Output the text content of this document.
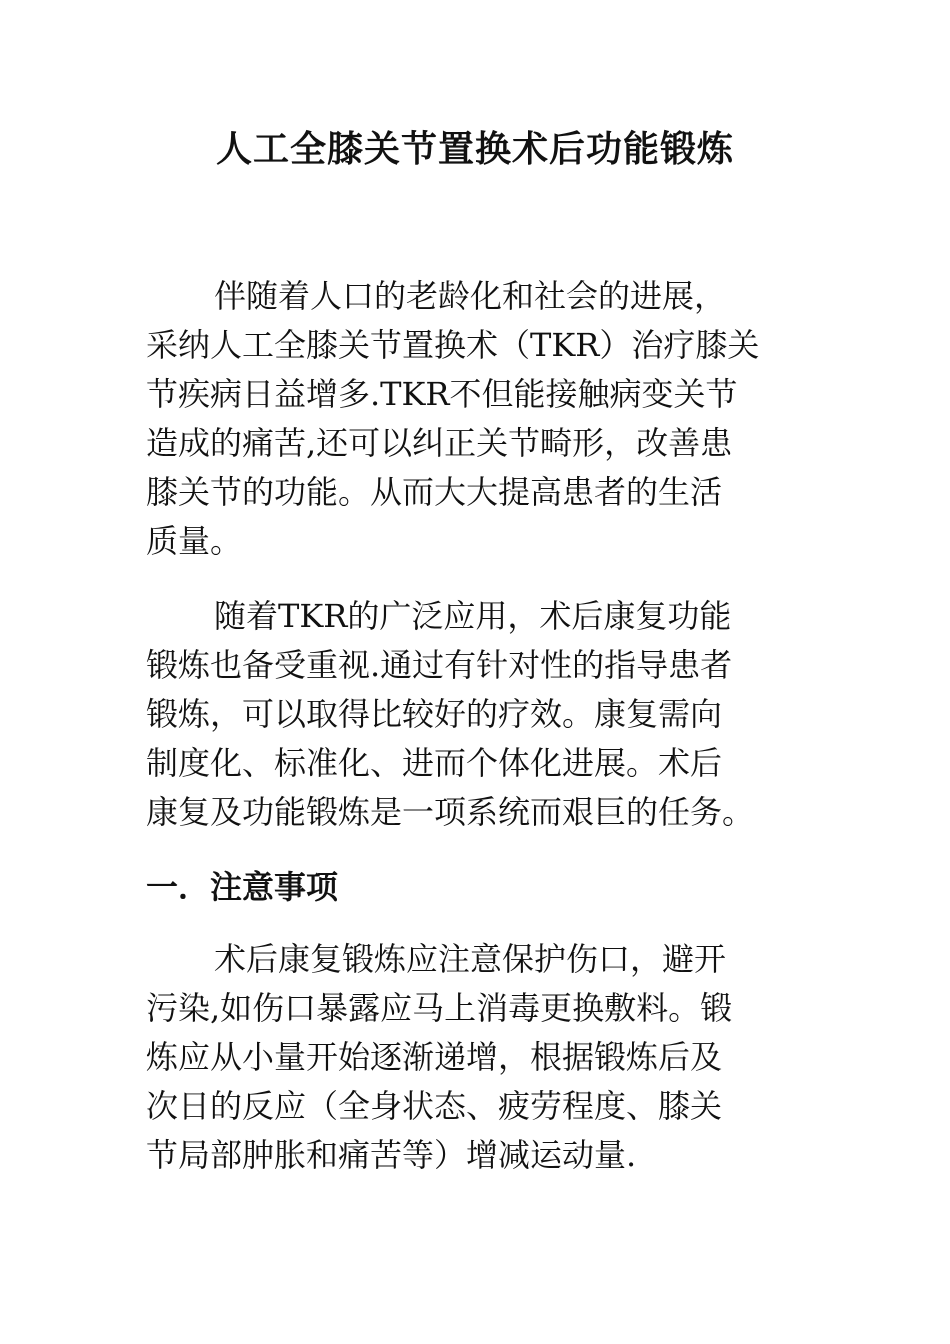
人工全膝关节置换术后功能锻炼

伴随着人口的老龄化和社会的进展，
采纳人工全膝关节置换术（TKR）治疗膝关
节疾病日益增多.TKR不但能接触病变关节
造成的痛苦,还可以纠正关节畸形，改善患
膝关节的功能。从而大大提高患者的生活
质量。

随着TKR的广泛应用，术后康复功能
锻炼也备受重视.通过有针对性的指导患者
锻炼，可以取得比较好的疗效。康复需向
制度化、标准化、进而个体化进展。术后
康复及功能锻炼是一项系统而艰巨的任务。

一．注意事项

术后康复锻炼应注意保护伤口，避开
污染,如伤口暴露应马上消毒更换敷料。锻
炼应从小量开始逐渐递增，根据锻炼后及
次日的反应（全身状态、疲劳程度、膝关
节局部肿胀和痛苦等）增减运动量.
